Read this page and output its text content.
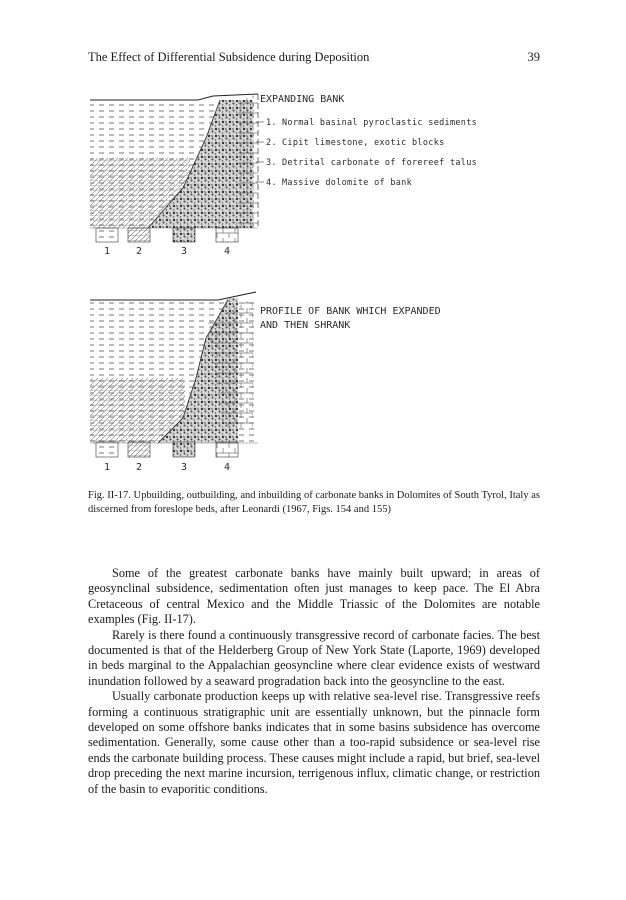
The Effect of Differential Subsidence during Deposition	39
EXPANDING BANK
1. Normal basinal pyroclastic sediments
2. Cipit limestone, exotic blocks
3. Detrital carbonate of forereef talus
4. Massive dolomite of bank
1	2	3	4
PROFILE OF BANK WHICH EXPANDED
AND THEN SHRANK
1	2	3	4
Fig. II-17. Upbuilding, outbuilding, and inbuilding of carbonate banks in Dolomites of South Tyrol, Italy as discerned from foreslope beds, after Leonardi (1967, Figs. 154 and 155)

Some of the greatest carbonate banks have mainly built upward; in areas of geosynclinal subsidence, sedimentation often just manages to keep pace. The El Abra Cretaceous of central Mexico and the Middle Triassic of the Dolomites are notable examples (Fig. II-17).

Rarely is there found a continuously transgressive record of carbonate facies. The best documented is that of the Helderberg Group of New York State (Laporte, 1969) developed in beds marginal to the Appalachian geosyncline where clear evidence exists of westward inundation followed by a seaward progradation back into the geosyncline to the east.

Usually carbonate production keeps up with relative sea-level rise. Transgressive reefs forming a continuous stratigraphic unit are essentially unknown, but the pinnacle form developed on some offshore banks indicates that in some basins subsidence has overcome sedimentation. Generally, some cause other than a too-rapid subsidence or sea-level rise ends the carbonate building process. These causes might include a rapid, but brief, sea-level drop preceding the next marine incursion, terrigenous influx, climatic change, or restriction of the basin to evaporitic conditions.
